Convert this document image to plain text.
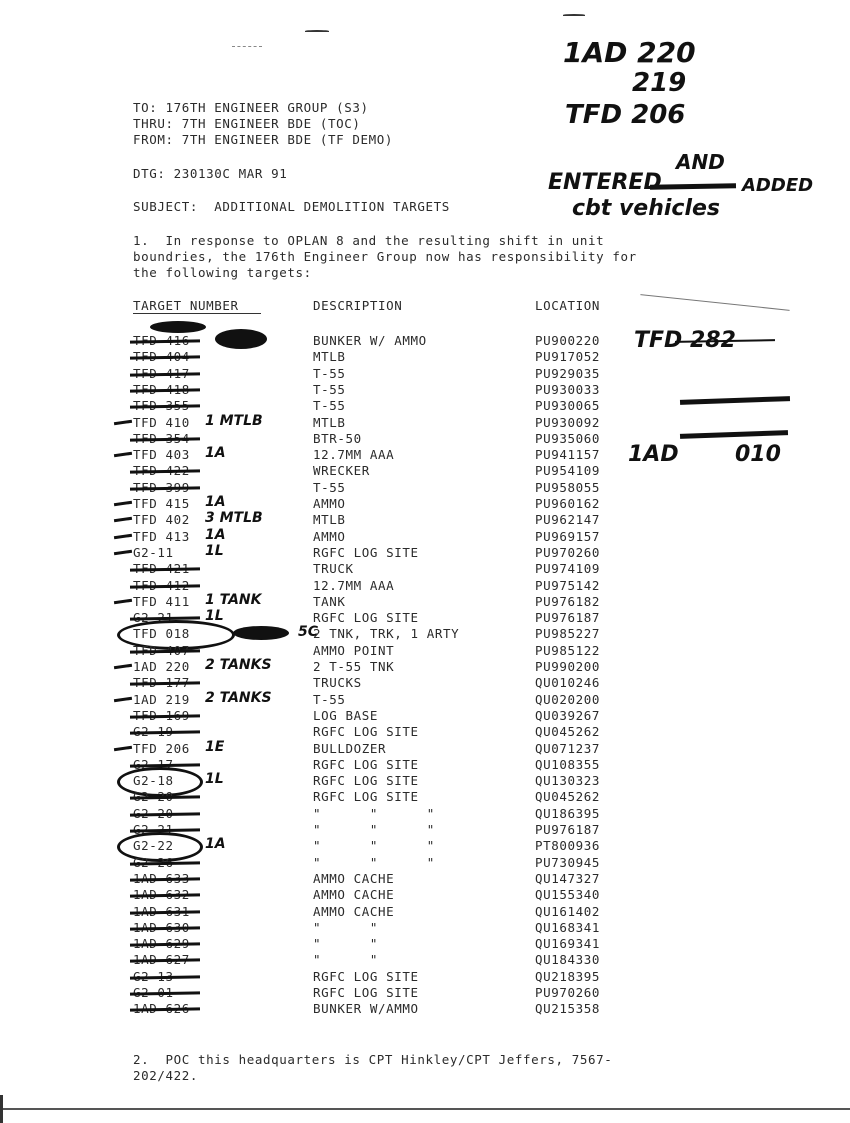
1AD 220
219
TFD 206
TO: 176TH ENGINEER GROUP (S3)
THRU: 7TH ENGINEER BDE (TOC)
FROM: 7TH ENGINEER BDE (TF DEMO)
DTG: 230130C MAR 91
SUBJECT:  ADDITIONAL DEMOLITION TARGETS
AND
ENTERED	ADDED
cbt vehicles
1.  In response to OPLAN 8 and the resulting shift in unit
boundries, the 176th Engineer Group now has responsibility for
the following targets:
TARGET NUMBER	DESCRIPTION	LOCATION
TFD 416	BUNKER W/ AMMO	PU900220
TFD 404	MTLB	PU917052
TFD 417	T-55	PU929035
TFD 418	T-55	PU930033
TFD 355	T-55	PU930065
TFD 410	MTLB	PU930092
1 MTLB
TFD 354	BTR-50	PU935060
TFD 403	12.7MM AAA	PU941157
1A
TFD 422	WRECKER	PU954109
TFD 399	T-55	PU958055
TFD 415	AMMO	PU960162
1A
TFD 402	MTLB	PU962147
3 MTLB
TFD 413	AMMO	PU969157
1A
G2-11	RGFC LOG SITE	PU970260
1L
TFD 421	TRUCK	PU974109
TFD 412	12.7MM AAA	PU975142
TFD 411	TANK	PU976182
1 TANK
G2-21	RGFC LOG SITE	PU976187
1L
TFD 018	2 TNK, TRK, 1 ARTY	PU985227
5C
TFD 407	AMMO POINT	PU985122
1AD 220	2 T-55 TNK	PU990200
2 TANKS
TFD 177	TRUCKS	QU010246
1AD 219	T-55	QU020200
2 TANKS
TFD 169	LOG BASE	QU039267
G2-19	RGFC LOG SITE	QU045262
TFD 206	BULLDOZER	QU071237
1E
G2-17	RGFC LOG SITE	QU108355
G2-18	RGFC LOG SITE	QU130323
1L
G2-20	RGFC LOG SITE	QU045262
G2-20	"      "      "	QU186395
G2-21	"      "      "	PU976187
G2-22	"      "      "	PT800936
1A
G2-26	"      "      "	PU730945
1AD 633	AMMO CACHE	QU147327
1AD 632	AMMO CACHE	QU155340
1AD 631	AMMO CACHE	QU161402
1AD 630	"      "	QU168341
1AD 629	"      "	QU169341
1AD 627	"      "	QU184330
G2-13	RGFC LOG SITE	QU218395
G2-01	RGFC LOG SITE	PU970260
1AD 626	BUNKER W/AMMO	QU215358
TFD 282
1AD	010
2.  POC this headquarters is CPT Hinkley/CPT Jeffers, 7567-
202/422.
